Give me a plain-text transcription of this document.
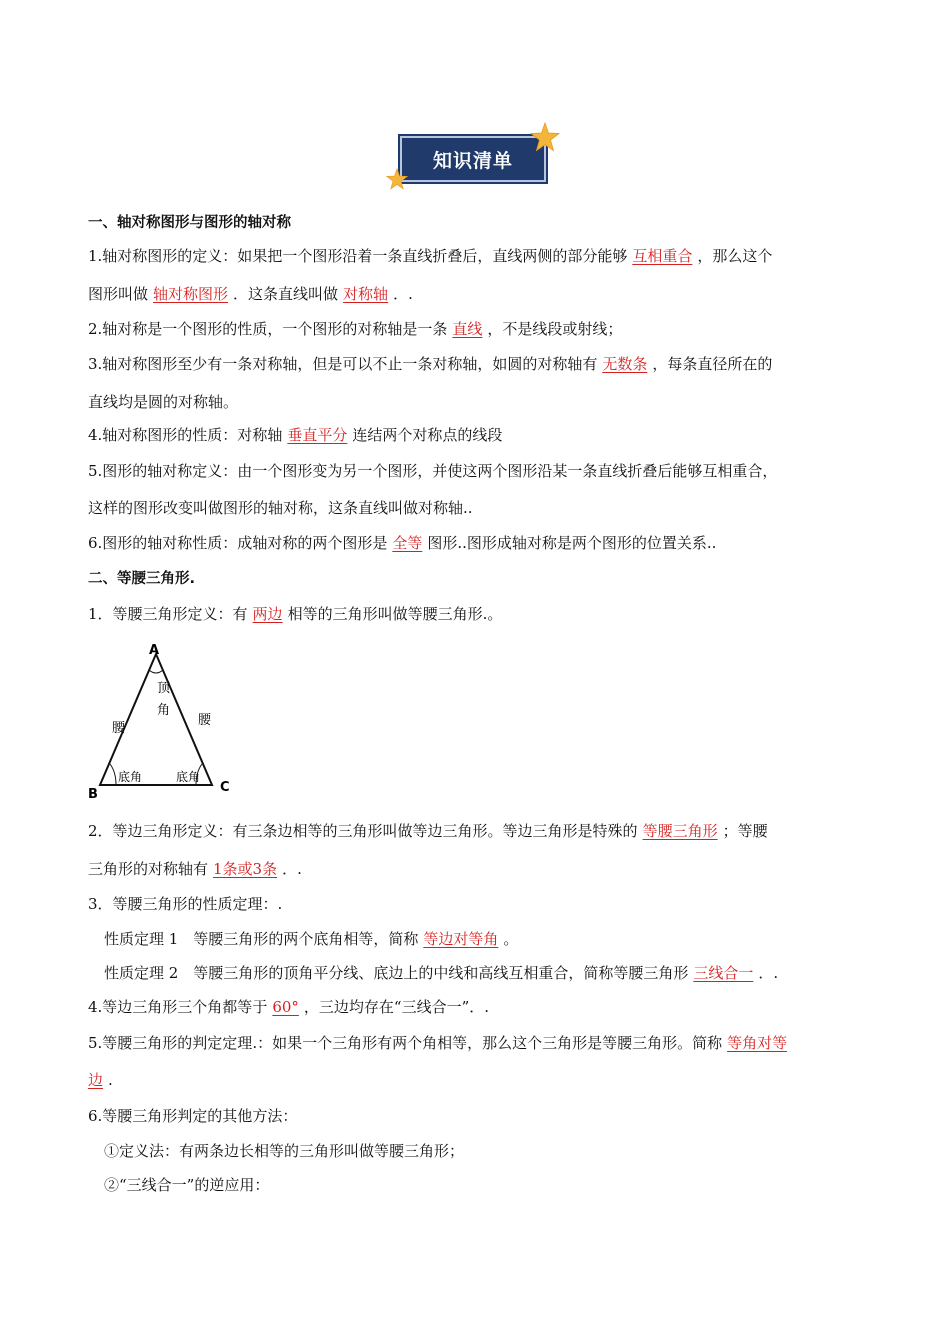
知识清单
一、轴对称图形与图形的轴对称
1.轴对称图形的定义：如果把一个图形沿着一条直线折叠后，直线两侧的部分能够 互相重合 ，那么这个
图形叫做 轴对称图形 ．这条直线叫做 对称轴 ．.
2.轴对称是一个图形的性质，一个图形的对称轴是一条 直线 ，不是线段或射线；
3.轴对称图形至少有一条对称轴，但是可以不止一条对称轴，如圆的对称轴有 无数条 ，每条直径所在的
直线均是圆的对称轴。
4.轴对称图形的性质：对称轴 垂直平分 连结两个对称点的线段
5.图形的轴对称定义：由一个图形变为另一个图形，并使这两个图形沿某一条直线折叠后能够互相重合，
这样的图形改变叫做图形的轴对称，这条直线叫做对称轴..
6.图形的轴对称性质：成轴对称的两个图形是 全等 图形..图形成轴对称是两个图形的位置关系..
二、等腰三角形.
1．等腰三角形定义：有 两边 相等的三角形叫做等腰三角形.。
A
B	C
顶
角
腰
腰
底角	底角
2．等边三角形定义：有三条边相等的三角形叫做等边三角形。等边三角形是特殊的 等腰三角形 ；等腰
三角形的对称轴有 1条或3条 ．.
3．等腰三角形的性质定理：.
性质定理 1　等腰三角形的两个底角相等，简称 等边对等角 。
性质定理 2　等腰三角形的顶角平分线、底边上的中线和高线互相重合，简称等腰三角形 三线合一 ．.
4.等边三角形三个角都等于 60° ，三边均存在“三线合一”．.
5.等腰三角形的判定定理.：如果一个三角形有两个角相等，那么这个三角形是等腰三角形。简称 等角对等
边 .
6.等腰三角形判定的其他方法：
①定义法：有两条边长相等的三角形叫做等腰三角形；
②“三线合一”的逆应用：
